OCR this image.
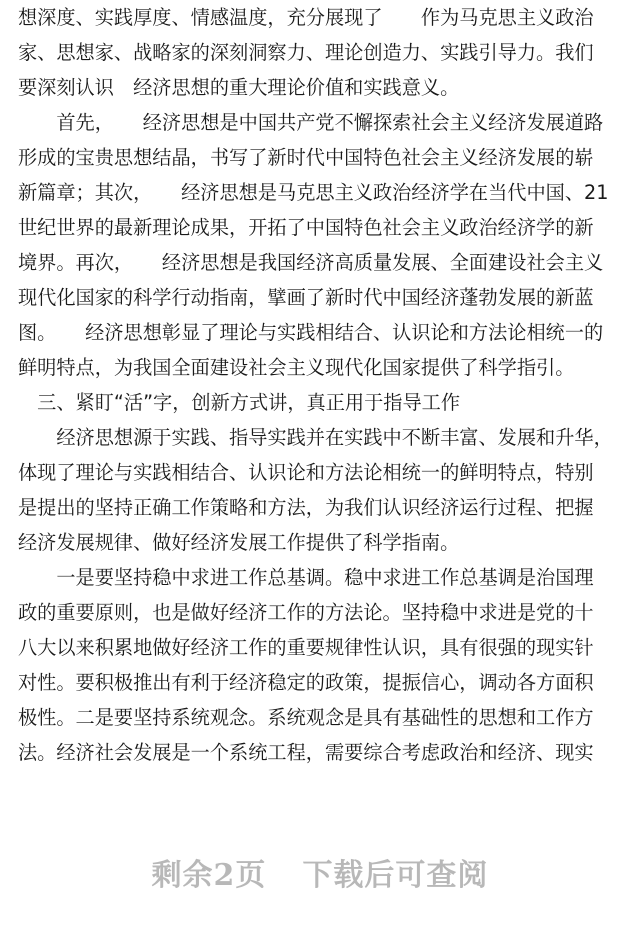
想深度、实践厚度、情感温度，充分展现了　　作为马克思主义政治
家、思想家、战略家的深刻洞察力、理论创造力、实践引导力。我们
要深刻认识　经济思想的重大理论价值和实践意义。
　　首先，　　经济思想是中国共产党不懈探索社会主义经济发展道路
形成的宝贵思想结晶，书写了新时代中国特色社会主义经济发展的崭
新篇章；其次，　　经济思想是马克思主义政治经济学在当代中国、21
世纪世界的最新理论成果，开拓了中国特色社会主义政治经济学的新
境界。再次，　　经济思想是我国经济高质量发展、全面建设社会主义
现代化国家的科学行动指南，擘画了新时代中国经济蓬勃发展的新蓝
图。　　经济思想彰显了理论与实践相结合、认识论和方法论相统一的
鲜明特点，为我国全面建设社会主义现代化国家提供了科学指引。
　三、紧盯“活”字，创新方式讲，真正用于指导工作
　　经济思想源于实践、指导实践并在实践中不断丰富、发展和升华，
体现了理论与实践相结合、认识论和方法论相统一的鲜明特点，特别
是提出的坚持正确工作策略和方法，为我们认识经济运行过程、把握
经济发展规律、做好经济发展工作提供了科学指南。
　　一是要坚持稳中求进工作总基调。稳中求进工作总基调是治国理
政的重要原则，也是做好经济工作的方法论。坚持稳中求进是党的十
八大以来积累地做好经济工作的重要规律性认识，具有很强的现实针
对性。要积极推出有利于经济稳定的政策，提振信心，调动各方面积
极性。二是要坚持系统观念。系统观念是具有基础性的思想和工作方
法。经济社会发展是一个系统工程，需要综合考虑政治和经济、现实
剩余2页 下载后可查阅
